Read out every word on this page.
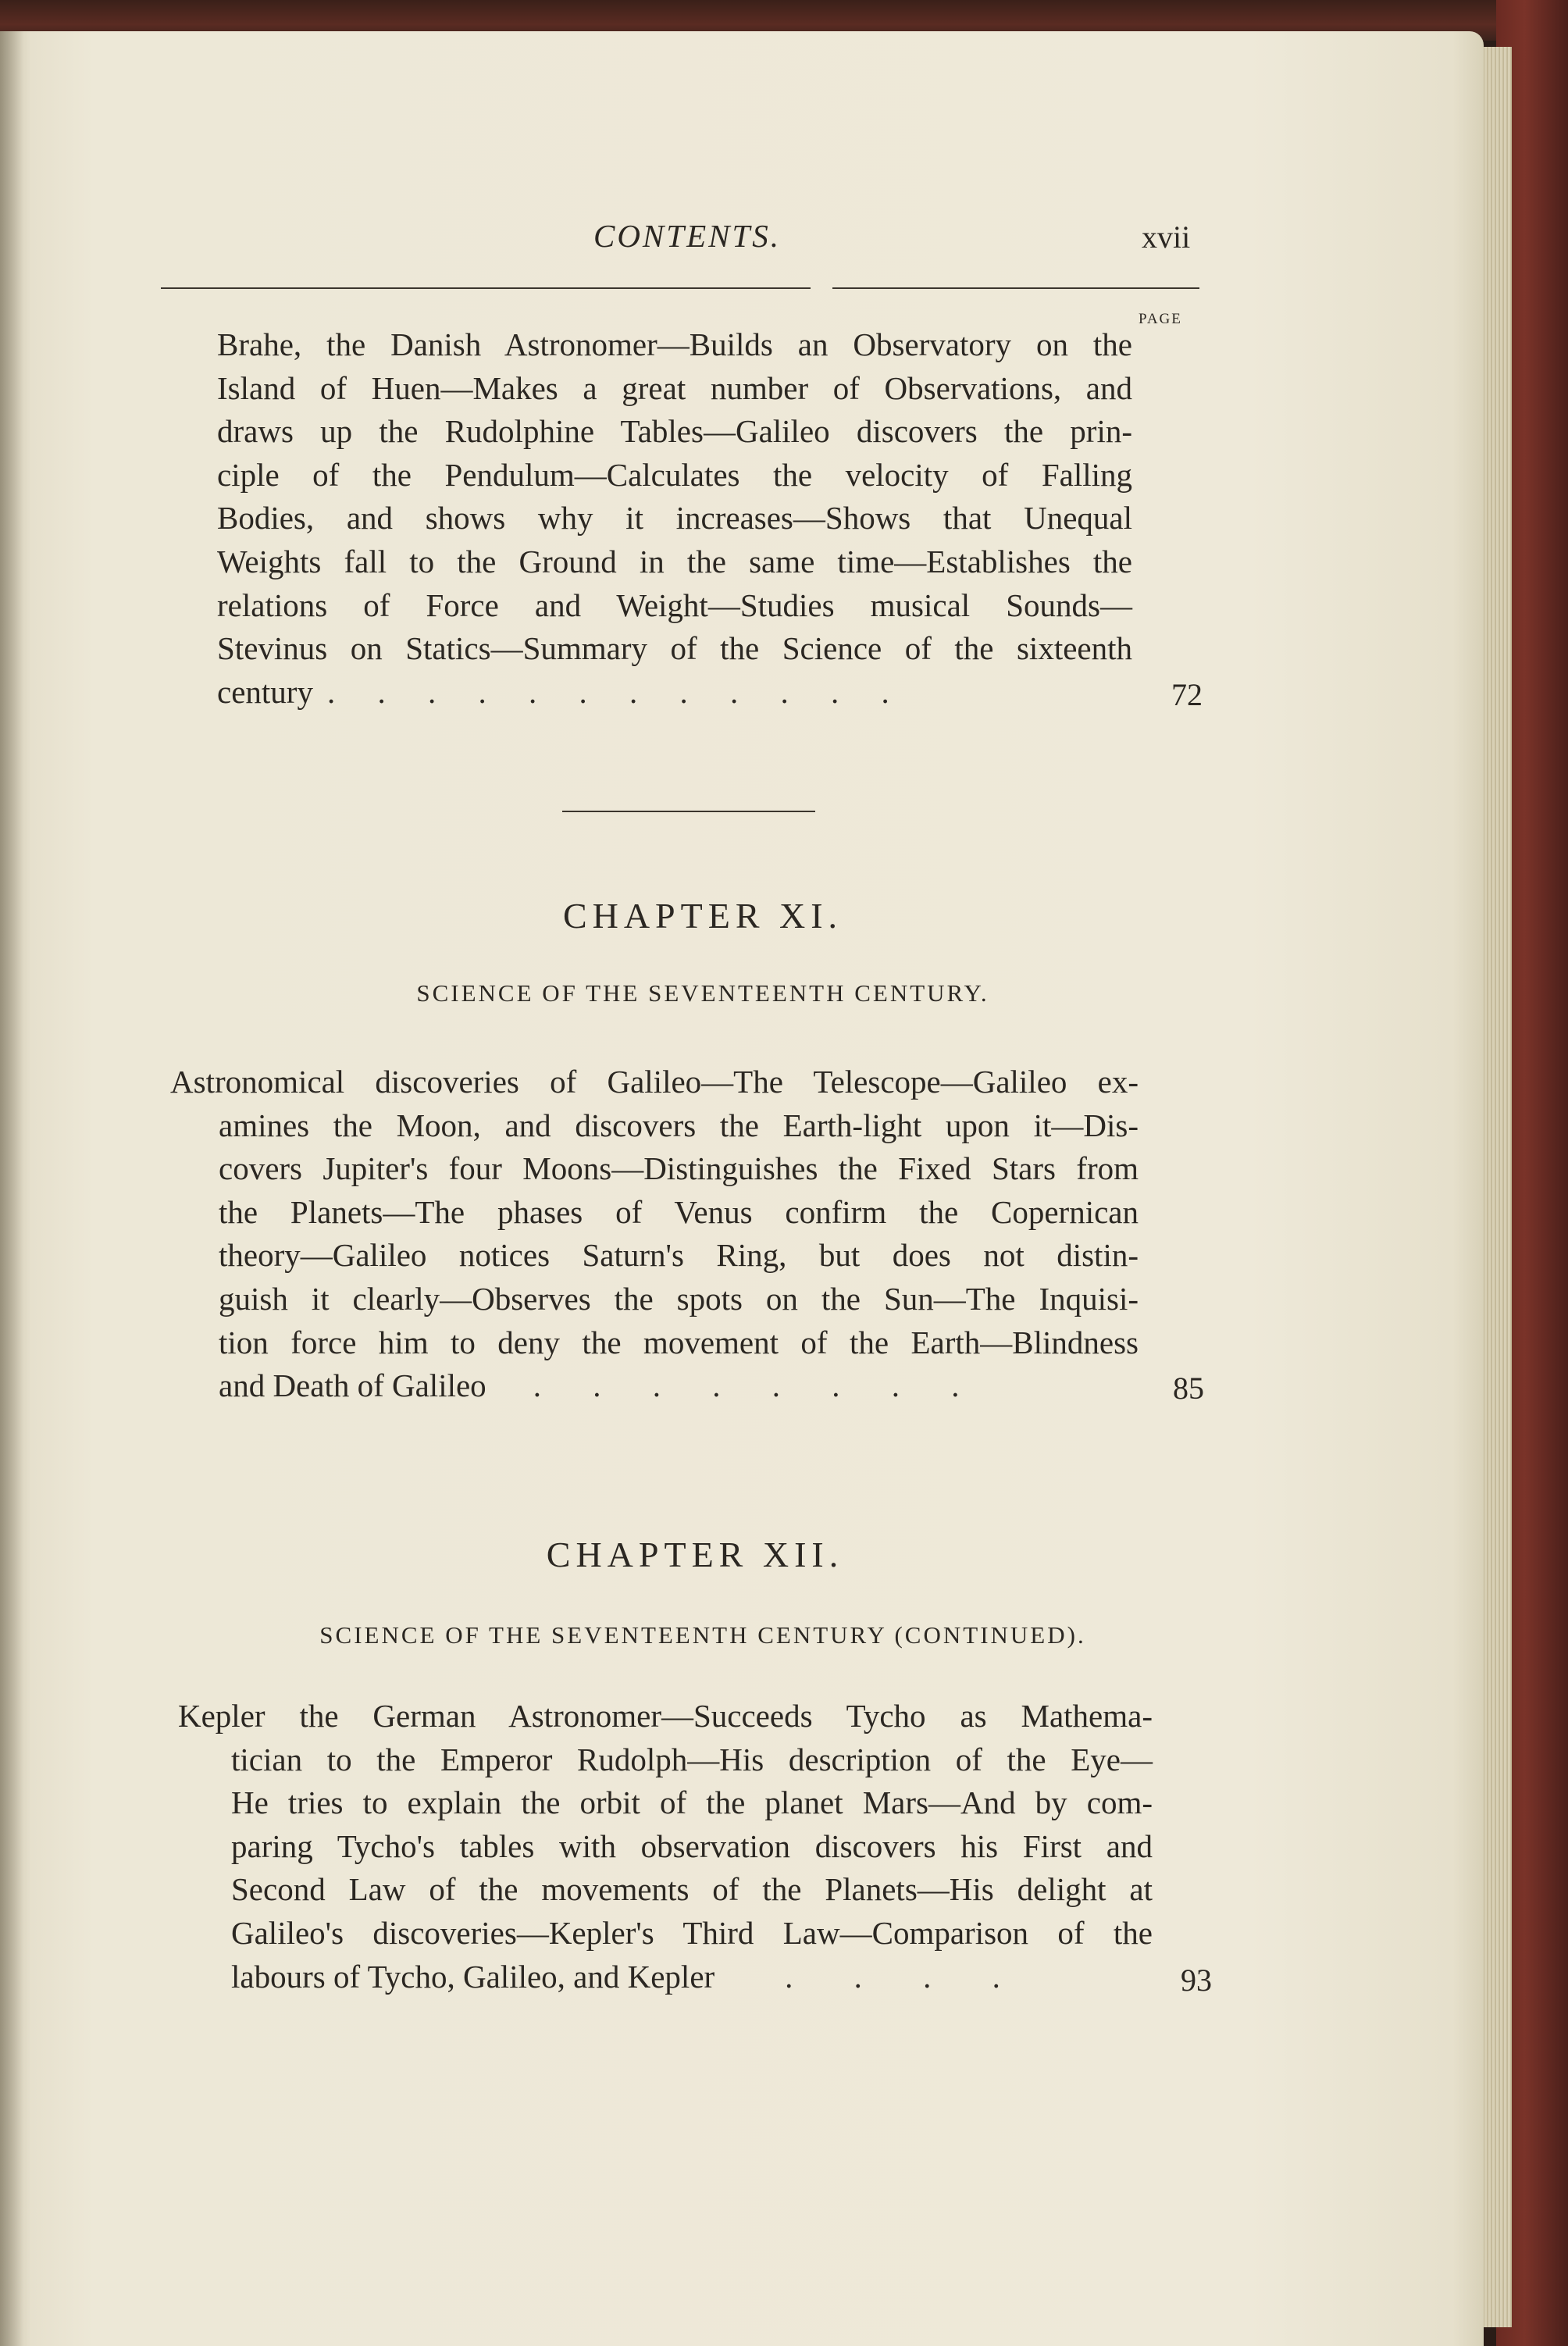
CONTENTS.	xvii
PAGE
Brahe, the Danish Astronomer—Builds an Observatory on the
Island of Huen—Makes a great number of Observations, and
draws up the Rudolphine Tables—Galileo discovers the prin-
ciple of the Pendulum—Calculates the velocity of Falling
Bodies, and shows why it increases—Shows that Unequal
Weights fall to the Ground in the same time—Establishes the
relations of Force and Weight—Studies musical Sounds—
Stevinus on Statics—Summary of the Science of the sixteenth
century . . . . . . . . . . . .	72
CHAPTER XI.
SCIENCE OF THE SEVENTEENTH CENTURY.
Astronomical discoveries of Galileo—The Telescope—Galileo ex-
amines the Moon, and discovers the Earth-light upon it—Dis-
covers Jupiter's four Moons—Distinguishes the Fixed Stars from
the Planets—The phases of Venus confirm the Copernican
theory—Galileo notices Saturn's Ring, but does not distin-
guish it clearly—Observes the spots on the Sun—The Inquisi-
tion force him to deny the movement of the Earth—Blindness
and Death of Galileo	. . . . . . . .	85
CHAPTER XII.
SCIENCE OF THE SEVENTEENTH CENTURY (CONTINUED).
Kepler the German Astronomer—Succeeds Tycho as Mathema-
tician to the Emperor Rudolph—His description of the Eye—
He tries to explain the orbit of the planet Mars—And by com-
paring Tycho's tables with observation discovers his First and
Second Law of the movements of the Planets—His delight at
Galileo's discoveries—Kepler's Third Law—Comparison of the
labours of Tycho, Galileo, and Kepler	. . . .	93
